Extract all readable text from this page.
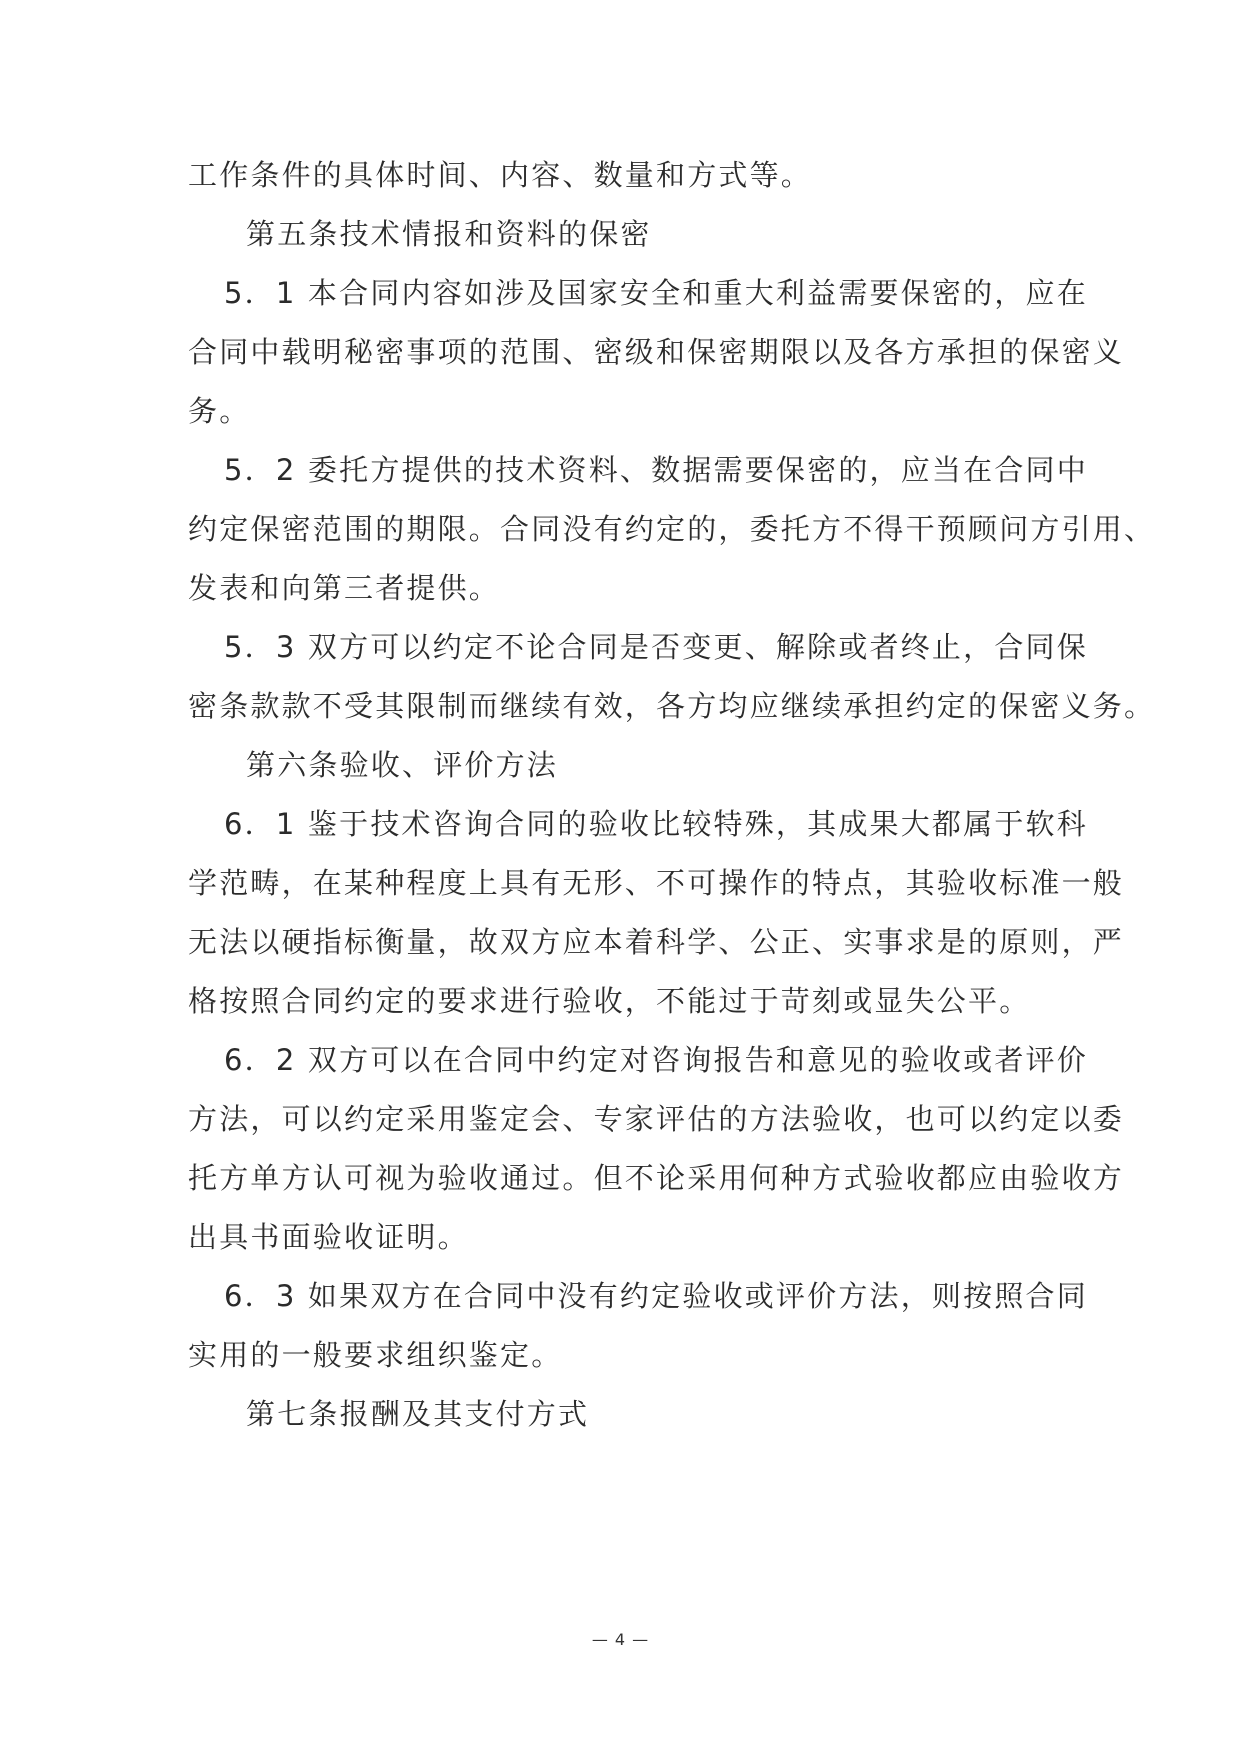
工作条件的具体时间、内容、数量和方式等。
第五条技术情报和资料的保密
5．1 本合同内容如涉及国家安全和重大利益需要保密的，应在
合同中载明秘密事项的范围、密级和保密期限以及各方承担的保密义
务。
5．2 委托方提供的技术资料、数据需要保密的，应当在合同中
约定保密范围的期限。合同没有约定的，委托方不得干预顾问方引用、
发表和向第三者提供。
5．3 双方可以约定不论合同是否变更、解除或者终止，合同保
密条款款不受其限制而继续有效，各方均应继续承担约定的保密义务。
第六条验收、评价方法
6．1 鉴于技术咨询合同的验收比较特殊，其成果大都属于软科
学范畴，在某种程度上具有无形、不可操作的特点，其验收标准一般
无法以硬指标衡量，故双方应本着科学、公正、实事求是的原则，严
格按照合同约定的要求进行验收，不能过于苛刻或显失公平。
6．2 双方可以在合同中约定对咨询报告和意见的验收或者评价
方法，可以约定采用鉴定会、专家评估的方法验收，也可以约定以委
托方单方认可视为验收通过。但不论采用何种方式验收都应由验收方
出具书面验收证明。
6．3 如果双方在合同中没有约定验收或评价方法，则按照合同
实用的一般要求组织鉴定。
第七条报酬及其支付方式
— 4 —
